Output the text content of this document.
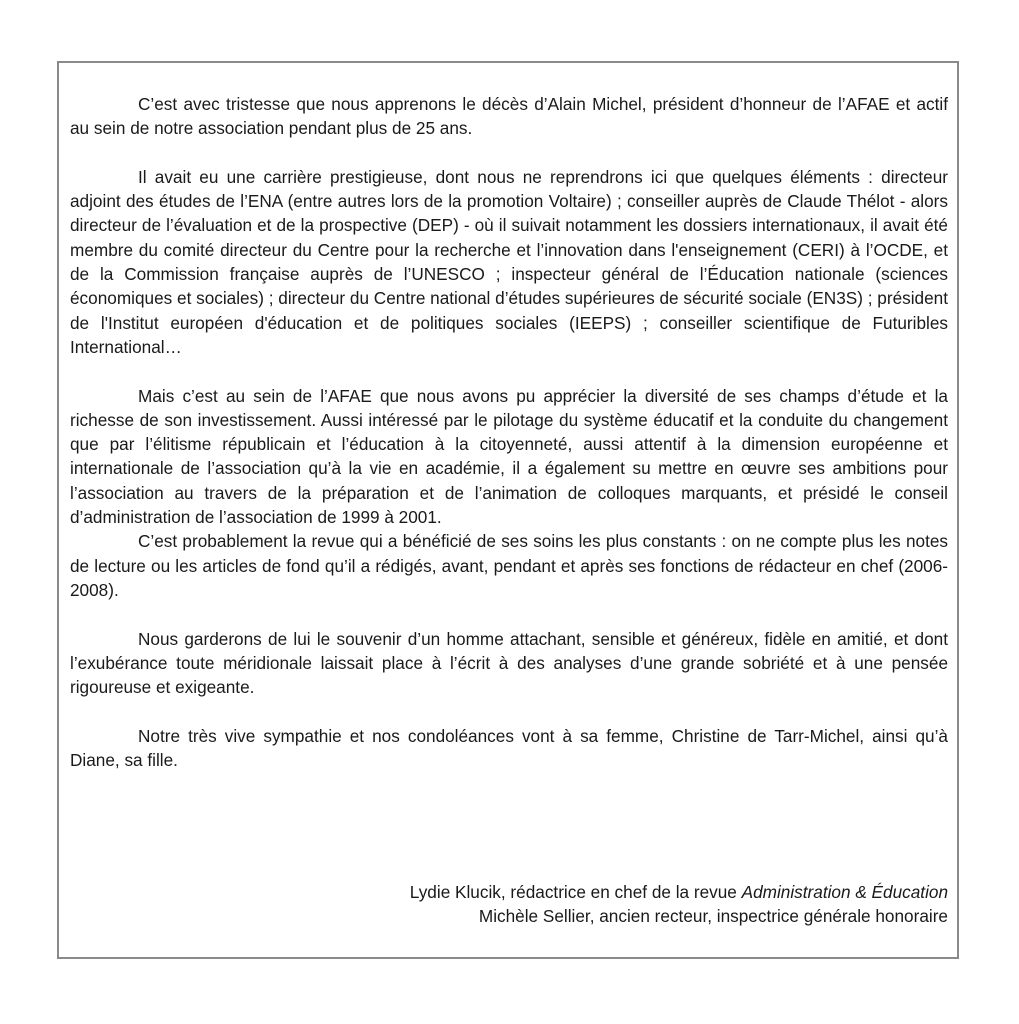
C’est avec tristesse que nous apprenons le décès d’Alain Michel, président d’honneur de l’AFAE et actif au sein de notre association pendant plus de 25 ans.

Il avait eu une carrière prestigieuse, dont nous ne reprendrons ici que quelques éléments : directeur adjoint des études de l’ENA (entre autres lors de la promotion Voltaire) ; conseiller auprès de Claude Thélot - alors directeur de l’évaluation et de la prospective (DEP) - où il suivait notamment les dossiers internationaux, il avait été membre du comité directeur du Centre pour la recherche et l’innovation dans l'enseignement (CERI) à l’OCDE, et de la Commission française auprès de l’UNESCO ; inspecteur général de l’Éducation nationale (sciences économiques et sociales) ; directeur du Centre national d’études supérieures de sécurité sociale (EN3S) ; président de l'Institut européen d'éducation et de politiques sociales (IEEPS) ; conseiller scientifique de Futuribles International…

Mais c’est au sein de l’AFAE que nous avons pu apprécier la diversité de ses champs d’étude et la richesse de son investissement. Aussi intéressé par le pilotage du système éducatif et la conduite du changement que par l’élitisme républicain et l’éducation à la citoyenneté, aussi attentif à la dimension européenne et internationale de l’association qu’à la vie en académie, il a également su mettre en œuvre ses ambitions pour l’association au travers de la préparation et de l’animation de colloques marquants, et présidé le conseil d’administration de l’association de 1999 à 2001.

C’est probablement la revue qui a bénéficié de ses soins les plus constants : on ne compte plus les notes de lecture ou les articles de fond qu’il a rédigés, avant, pendant et après ses fonctions de rédacteur en chef (2006-2008).

Nous garderons de lui le souvenir d’un homme attachant, sensible et généreux, fidèle en amitié, et dont l’exubérance toute méridionale laissait place à l’écrit à des analyses d’une grande sobriété et à une pensée rigoureuse et exigeante.

Notre très vive sympathie et nos condoléances vont à sa femme, Christine de Tarr-Michel, ainsi qu’à Diane, sa fille.

Lydie Klucik, rédactrice en chef de la revue Administration & Éducation

Michèle Sellier, ancien recteur, inspectrice générale honoraire
